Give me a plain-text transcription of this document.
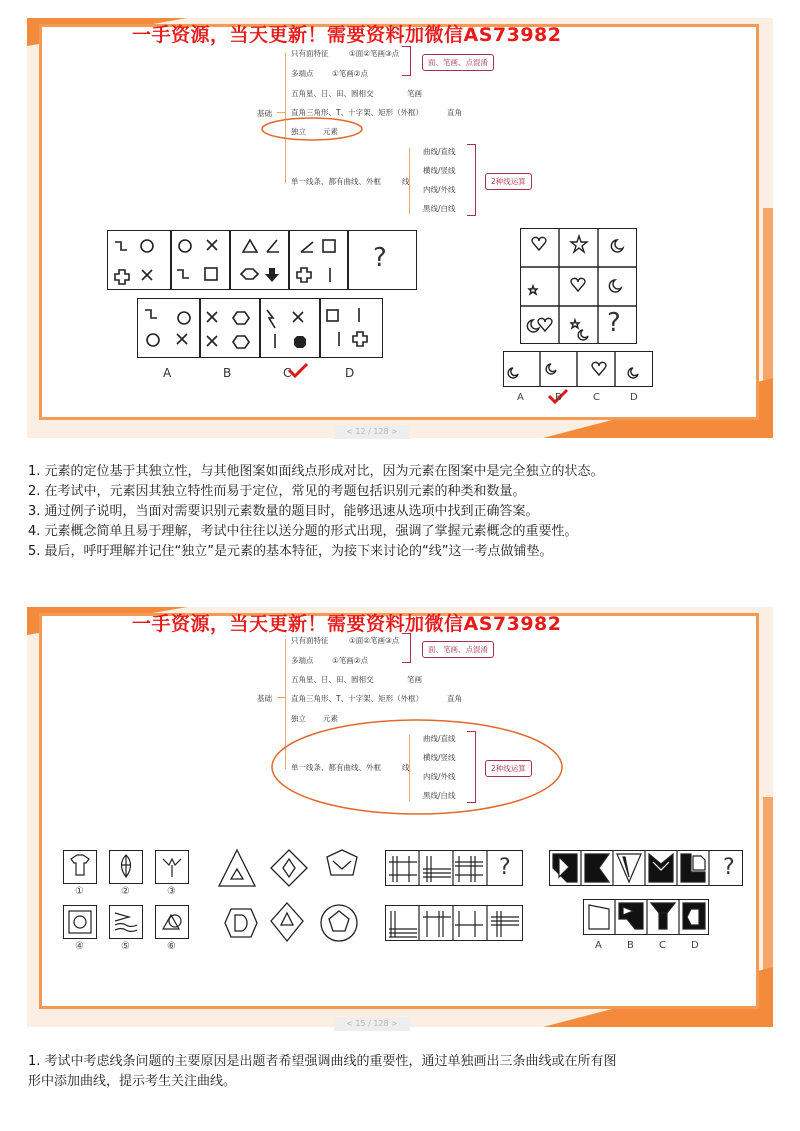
一手资源，当天更新！需要资料加微信AS73982
基础
只有面特征	①面②笔画③点
多端点 ①笔画②点
五角星、日、田、圆相交	笔画
直角三角形、T、十字架、矩形（外框）	直角
独立 元素
单一线条、都有曲线、外框	线
面、笔画、点混淆
曲线/直线
横线/竖线
内线/外线
黑线/白线
2种线运算
?
A	B	C	D
?
A	B	C	D
< 12 / 128 >
1. 元素的定位基于其独立性，与其他图案如面线点形成对比，因为元素在图案中是完全独立的状态。
2. 在考试中，元素因其独立特性而易于定位，常见的考题包括识别元素的种类和数量。
3. 通过例子说明，当面对需要识别元素数量的题目时，能够迅速从选项中找到正确答案。
4. 元素概念简单且易于理解，考试中往往以送分题的形式出现，强调了掌握元素概念的重要性。
5. 最后，呼吁理解并记住“独立”是元素的基本特征，为接下来讨论的“线”这一考点做铺垫。
一手资源，当天更新！需要资料加微信AS73982
基础
只有面特征	①面②笔画③点
多端点 ①笔画②点
五角星、日、田、圆相交	笔画
直角三角形、T、十字架、矩形（外框）	直角
独立 元素
单一线条、都有曲线、外框	线
面、笔画、点混淆
曲线/直线
横线/竖线
内线/外线
黑线/白线
2种线运算
①	②	③
④	⑤	⑥
?	?
A	B	C	D
< 15 / 128 >
1. 考试中考虑线条问题的主要原因是出题者希望强调曲线的重要性，通过单独画出三条曲线或在所有图
形中添加曲线，提示考生关注曲线。
